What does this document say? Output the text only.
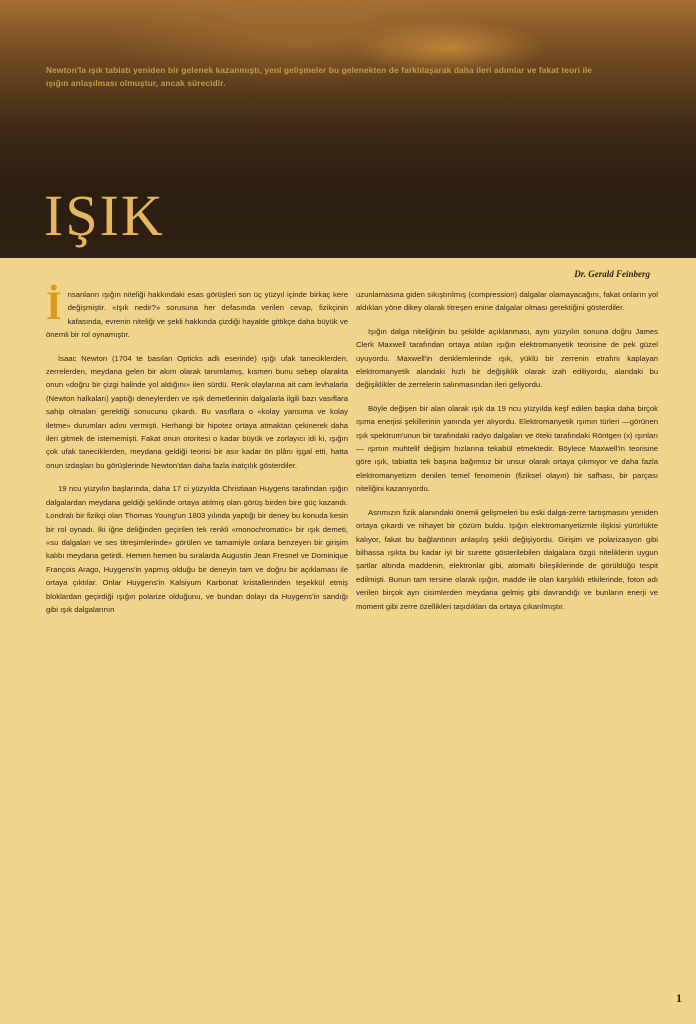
Newton'la ışık tabiatı yeniden bir gelenek kazanmıştı, yeni gelişmeler bu gelenekten de farklılaşarak daha ileri adımlar ve fakat teori ile ışığın anlaşılması olmuştur, ancak sürecidir.
IŞIK
Dr. Gerald Feinberg
İ nsanların ışığın niteliği hakkındaki esas görüşleri son üç yüzyıl içinde birkaç kere değişmiştir. «Işık nedir?» sorusuna her defasında verilen cevap, fizikçinin kafasında, evrenin niteliği ve şekli hakkında çizdiği hayalde gittikçe daha büyük ve önemli bir rol oynamıştır.

İsaac Newton (1704 te basılan Opticks adlı eserinde) ışığı ufak taneciklerden, zerrelerden, meydana gelen bir akım olarak tanımlamış, kısmen bunu sebep olarakta onun «doğru bir çizgi halinde yol aldığını» ileri sürdü. Renk olaylarına ait cam levhalarla (Newton halkaları) yaptığı deneylerden ve ışık demetlerinin dalgalarla ilgili bazı vasıflara sahip olmaları gerektiği sonucunu çıkardı. Bu vasıflara o «kolay yansıma ve kolay iletme» durumları adını vermişti. Herhangi bir hipotez ortaya atmaktan çekinerek daha ileri gitmek de istememişti. Fakat onun otoritesi o kadar büyük ve zorlayıcı idi ki, ışığın çok ufak taneciklerden, meydana geldiği teorisi bir asır kadar ön plânı işgal etti, hatta onun izdaşları bu görüşlerinde Newton'dan daha fazla inatçılık gösterdiler.

19 ncu yüzyılın başlarında, daha 17 ci yüzyılda Christiaan Huygens tarafından ışığın dalgalardan meydana geldiği şeklinde ortaya atılmış olan görüş birden bire güç kazandı. Londralı bir fizikçi olan Thomas Young'un 1803 yılında yaptığı bir deney bu konuda kesin bir rol oynadı. İki iğne deliğinden geçirilen tek renkli «monochromatic» bir ışık demeti, «su dalgaları ve ses titreşimlerinde» görülen ve tamamiyle onlara benzeyen bir girişim kalıbı meydana getirdi. Hemen hemen bu sıralarda Augustin Jean Fresnel ve Dominique François Arago, Huygens'in yapmış olduğu bir deneyin tam ve doğru bir açıklaması ile ortaya çıktılar. Onlar Huygens'in Kalsiyum Karbonat kristallerinden teşekkül etmiş bloklardan geçirdiği ışığın polarize olduğunu, ve bundan dolayı da Huygens'in sandığı gibi ışık dalgalarının

uzunlamasına giden sıkıştırılmış (compression) dalgalar olamayacağını, fakat onların yol aldıkları yöne dikey olarak titreşen enine dalgalar olması gerektiğini gösterdiler.

Işığın dalga niteliğinin bu şekilde açıklanması, aynı yüzyılın sonuna doğru James Clerk Maxwell tarafından ortaya atılan ışığın elektromanyetik teorisine de pek güzel uyuyordu. Maxwell'in denklemlerinde ışık, yüklü bir zerrenin etrafını kaplayan elektromanyetik alandaki hızlı bir değişiklik olarak izah ediliyordu, alandaki bu değişiklikler de zerrelerin salınmasından ileri geliyordu.

Böyle değişen bir alan olarak ışık da 19 ncu yüzyılda keşf edilen başka daha birçok ışıma enerjisi şekillerinin yanında yer alıyordu. Elektromanyetik ışımın türleri —görünen ışık spektrum'unun bir tarafındaki radyo dalgaları ve öteki tarafındaki Röntgen (x) ışınları— ışımın muhtelif değişim hızlarına tekabül etmektedir. Böylece Maxwell'in teorisine göre ışık, tabiatta tek başına bağımsız bir unsur olarak ortaya çıkmıyor ve daha fazla elektromanyetizm denilen temel fenomenin (fiziksel olayın) bir safhası, bir parçası niteliğini kazanıyordu.

Asrımızın fizik alanındaki önemli gelişmeleri bu eski dalga-zerre tartışmasını yeniden ortaya çıkardı ve nihayet bir çözüm buldu. Işığın elektromanyetizmle ilişkisi yürürlükte kalıyor, fakat bu bağlantının anlaşılış şekli değişiyordu. Girişim ve polarizasyon gibi bilhassa ışıkta bu kadar iyi bir surette gösterilebilen dalgalara özgü niteliklerin uygun şartlar altında maddenin, elektronlar gibi, atomaltı bileşiklerinde de görüldüğü tespit edilmişti. Bunun tam tersine olarak ışığın, madde ile olan karşılıklı etkilerinde, foton adı verilen birçok ayrı cisimlerden meydana gelmiş gibi davrandığı ve bunların enerji ve moment gibi zerre özellikleri taşıdıkları da ortaya çıkarılmıştır.

1
